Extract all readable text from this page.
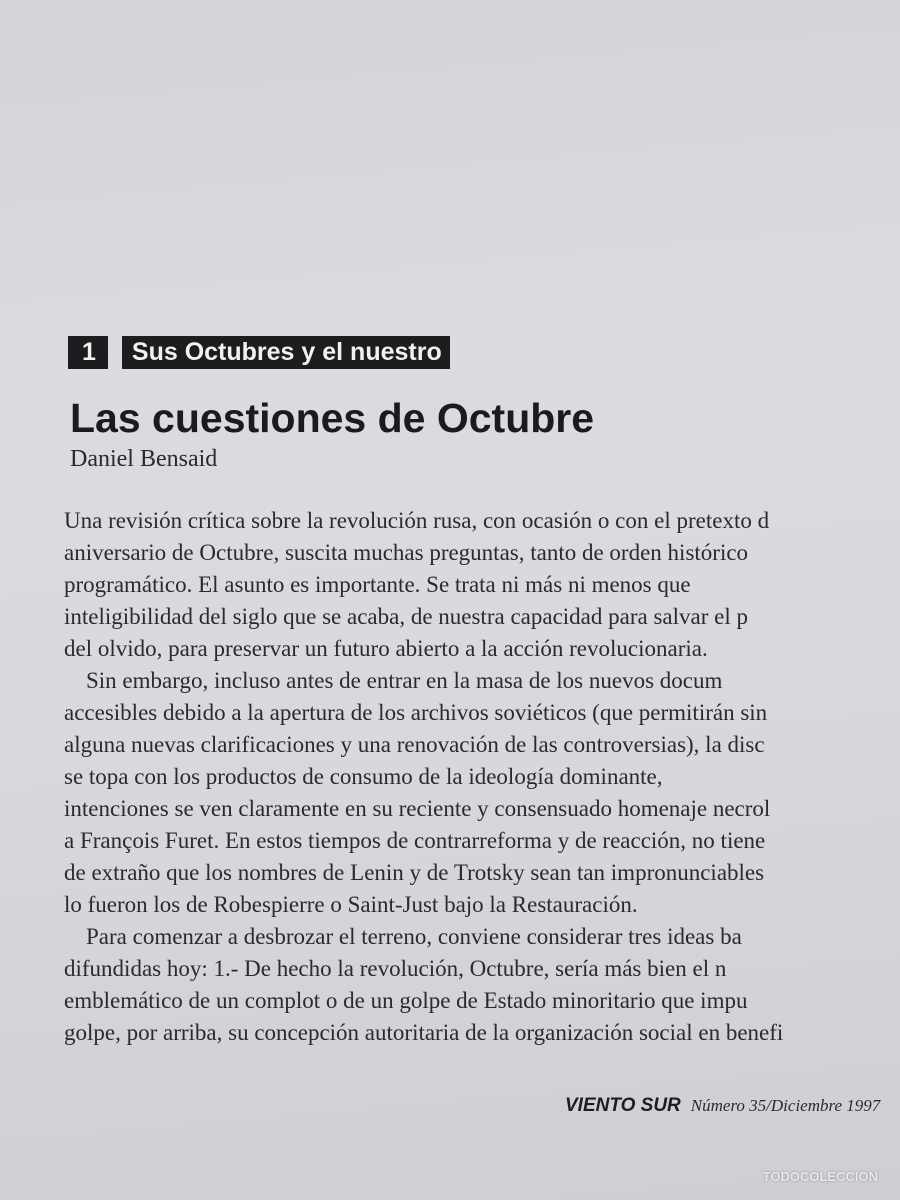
1	Sus Octubres y el nuestro
Las cuestiones de Octubre
Daniel Bensaid
Una revisión crítica sobre la revolución rusa, con ocasión o con el pretexto d
aniversario de Octubre, suscita muchas preguntas, tanto de orden histórico
programático. El asunto es importante. Se trata ni más ni menos que
inteligibilidad del siglo que se acaba, de nuestra capacidad para salvar el p
del olvido, para preservar un futuro abierto a la acción revolucionaria.
Sin embargo, incluso antes de entrar en la masa de los nuevos docum
accesibles debido a la apertura de los archivos soviéticos (que permitirán sin
alguna nuevas clarificaciones y una renovación de las controversias), la disc
se topa con los productos de consumo de la ideología dominante,
intenciones se ven claramente en su reciente y consensuado homenaje necrol
a François Furet. En estos tiempos de contrarreforma y de reacción, no tiene
de extraño que los nombres de Lenin y de Trotsky sean tan impronunciables
lo fueron los de Robespierre o Saint-Just bajo la Restauración.
Para comenzar a desbrozar el terreno, conviene considerar tres ideas ba
difundidas hoy: 1.- De hecho la revolución, Octubre, sería más bien el n
emblemático de un complot o de un golpe de Estado minoritario que impu
golpe, por arriba, su concepción autoritaria de la organización social en benefi
VIENTO SUR Número 35/Diciembre 1997
TODOCOLECCION
